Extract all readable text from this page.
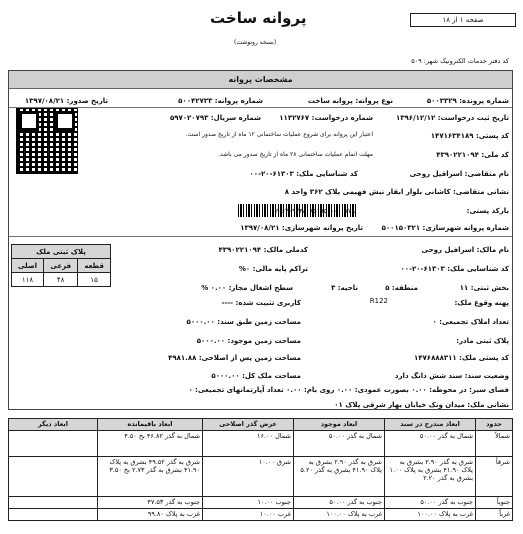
پروانه ساخت
(نسخه رونوشت)
صفحه ۱ از ۱۸
کد دفتر خدمات الکترونیک شهر: ۵۰۹
مشخصات پروانه
شماره پرونده: ۵۰۰۳۳۲۹
نوع پروانه: پروانه ساخت
شماره پروانه: ۵۰۰۴۲۷۳۳
تاریخ صدور: ۱۳۹۷/۰۸/۲۱
تاریخ ثبت درخواست: ۱۳۹۶/۱۲/۱۲
شماره درخواست: ۱۱۳۲۷۶۷
شماره سریال: ۵۹۷۰۲۰۷۹۳
کد پستی: ۱۴۷۱۶۳۴۱۸۹
اعتبار این پروانه برای شروع عملیات ساختمانی ۱۲ ماه از تاریخ صدور است.
کد ملی: ۴۳۹۰۲۲۱۰۹۴
مهلت اتمام عملیات ساختمانی ۲۸ ماه از تاریخ صدور می باشد.
نام متقاضی: اسرافیل روحی
کد شناسایی ملک: ۶۱۳۰۳-۲۰-۰۰
نشانی متقاضی: کاشانی بلوار ابقار نبش فهیمی پلاک ۳۶۲ واحد ۸
بارکد پستی:
۲۰۶۳۰۹۷۳۸۰۶۵۱۹۵۰۰۰۰۰۱۷۸
شماره پروانه شهرسازی: ۵۰۰۱۵۰۳۲۱
تاریخ پروانه شهرسازی: ۱۳۹۷/۰۸/۲۱
پلاک ثبتی ملک		
قطعه	فرعی	اصلی
۱۵	۴۸	۱۱۸
نام مالک: اسرافیل روحی
کدملی مالک: ۴۳۹۰۲۲۱۰۹۴
کد شناسایی ملک: ۶۱۳۰۳-۲۰-۰۰
تراکم پایه مالی: ۰%
بخش ثبتی: ۱۱
منطقه: ۵
ناحیه: ۳
سطح اشغال مجاز: ۰.۰۰ %
پهنه وقوع ملک:
R122
کاربری تثبیت شده: ----
تعداد املاک تجمیعی: ۰
مساحت زمین طبق سند: ۵۰۰۰.۰۰
پلاک ثبتی مادر:
مساحت زمین موجود: ۵۰۰۰.۰۰
کد پستی ملک: ۱۴۷۶۸۸۸۳۱۱
مساحت زمین پس از اصلاحی: ۴۹۸۱.۸۸
وضعیت سند: سند شش دانگ دارد
مساحت ملک کل: ۵۰۰۰.۰۰
فضای سبز: در محوطه: ۰.۰۰ بصورت عمودی: ۰.۰۰ روی بام: ۰.۰۰ تعداد آپارتمانهای تجمیعی: ۰
نشانی ملک: میدان ونک خیابان بهار شرقی پلاک ۰۱
حدود	ابعاد مندرج در سند	ابعاد موجود	عرض گذر اصلاحی	ابعاد باقیمانده	ابعاد دیگر
شمالاً	شمال به گذر ۵۰.۰۰	شمال به گذر ۵۰.۰۰	شمال ۱۶.۰۰	شمال به گذر ۴۶.۸۲ بخ ۴.۵۰	
شرقاً	شرق به گذر ۲.۹۰ بشرق به پلاک ۴۱.۹۰ بشرق به پلاک ۱.۰۰ بشرق به گذر ۲.۲۰	شرق به گذر ۲.۹۰ بشرق به پلاک ۴۱.۹۰ بشرق به گذر ۵.۲۰	شرق ۱۰.۰۰	شرق به گذر ۴۹.۵۲ بشرق به پلاک ۴۱.۹۰ بشرق به گذر ۲.۷۳ بخ ۳.۵۰	
جنوباً	جنوب به گذر ۵۰.۰۰	جنوب به گذر ۵۰.۰۰	جنوب ۱۰.۰۰	جنوب به گذر ۴۷.۵۳	
غرباً	غرب به پلاک ۱۰۰.۰۰	غرب به پلاک ۱۰۰.۰۰	غرب ۱۰.۰۰	غرب به پلاک ۹۹.۸۰	
